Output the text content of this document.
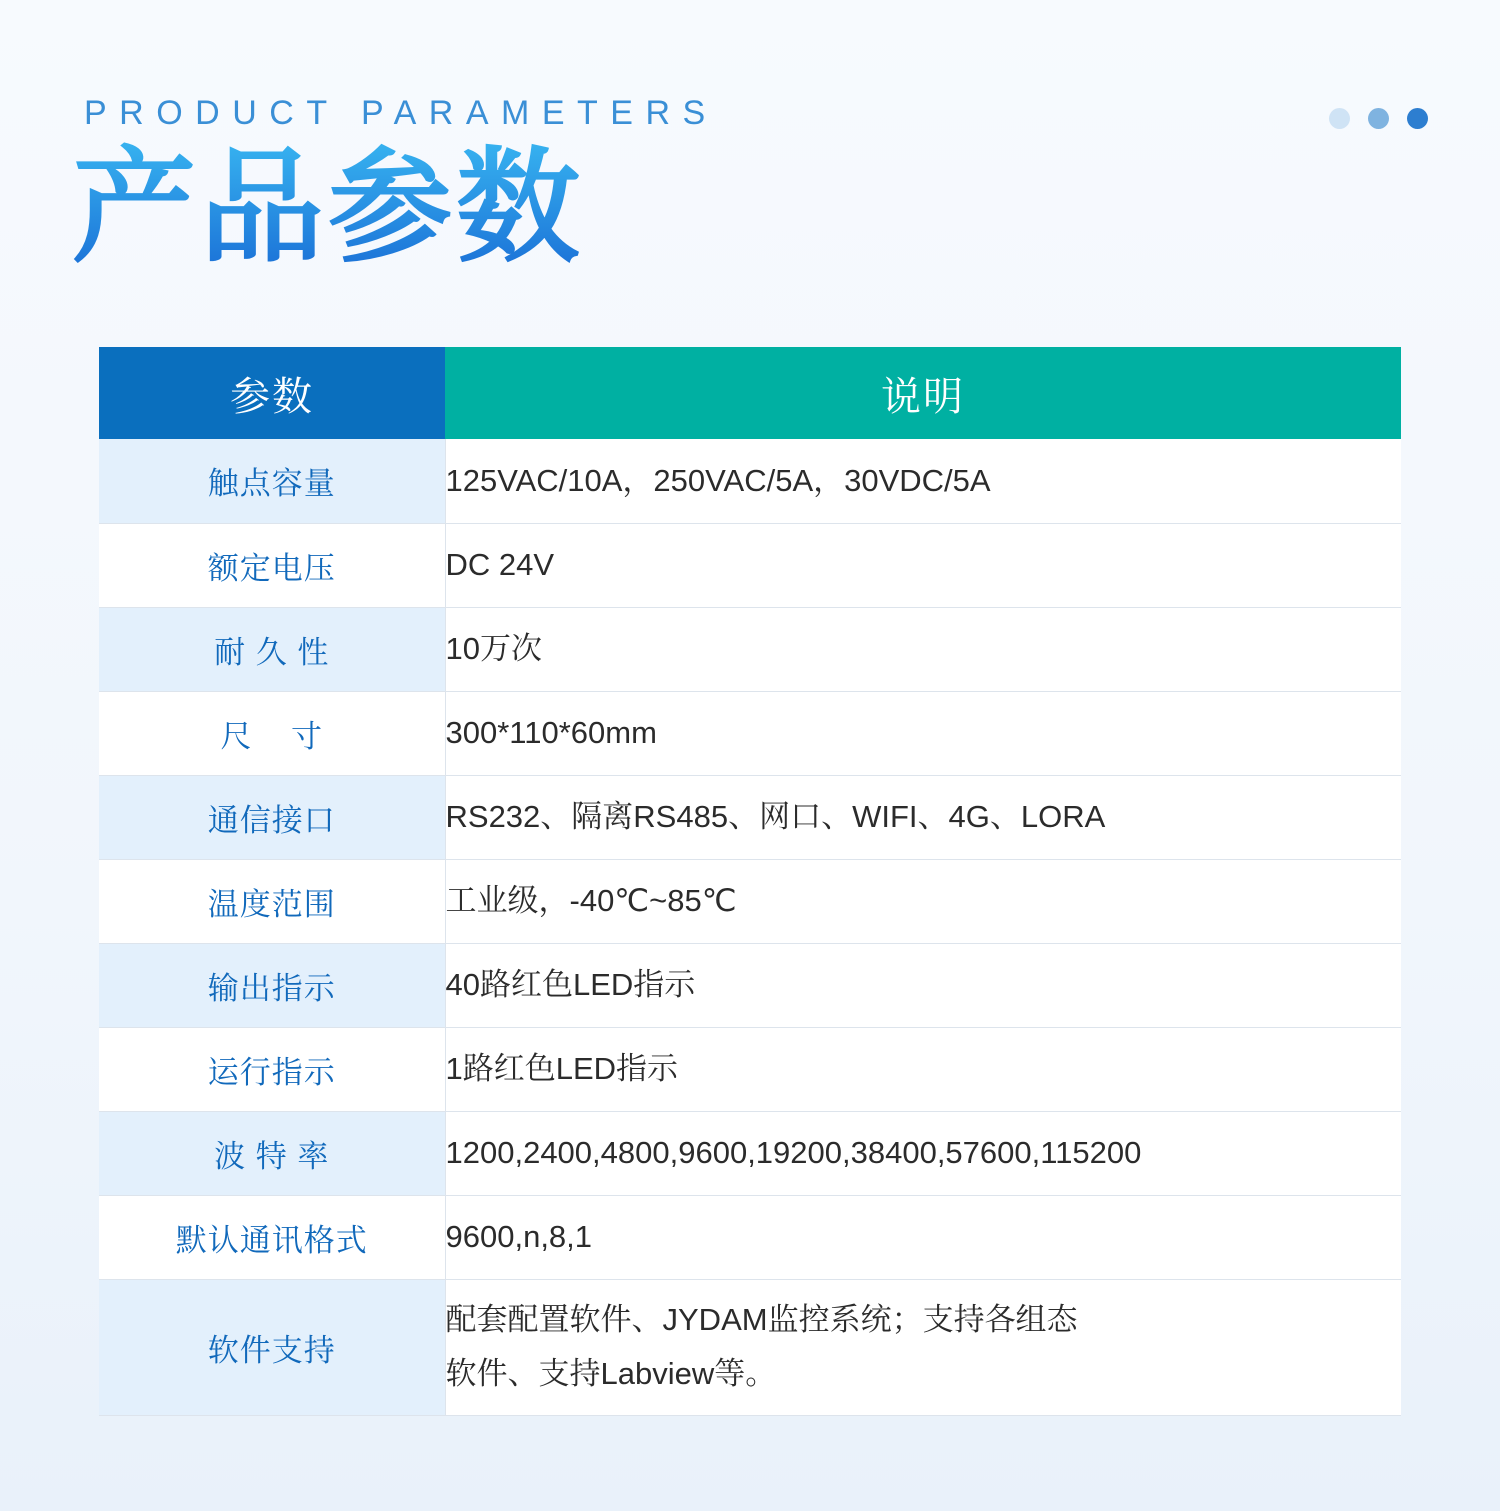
PRODUCT PARAMETERS
产品参数
参数	说明
触点容量	125VAC/10A，250VAC/5A，30VDC/5A
额定电压	DC 24V
耐 久 性	10万次
尺    寸	300*110*60mm
通信接口	RS232、隔离RS485、网口、WIFI、4G、LORA
温度范围	工业级，-40℃~85℃
输出指示	40路红色LED指示
运行指示	1路红色LED指示
波 特 率	1200,2400,4800,9600,19200,38400,57600,115200
默认通讯格式	9600,n,8,1
软件支持	配套配置软件、JYDAM监控系统；支持各组态
软件、支持Labview等。
